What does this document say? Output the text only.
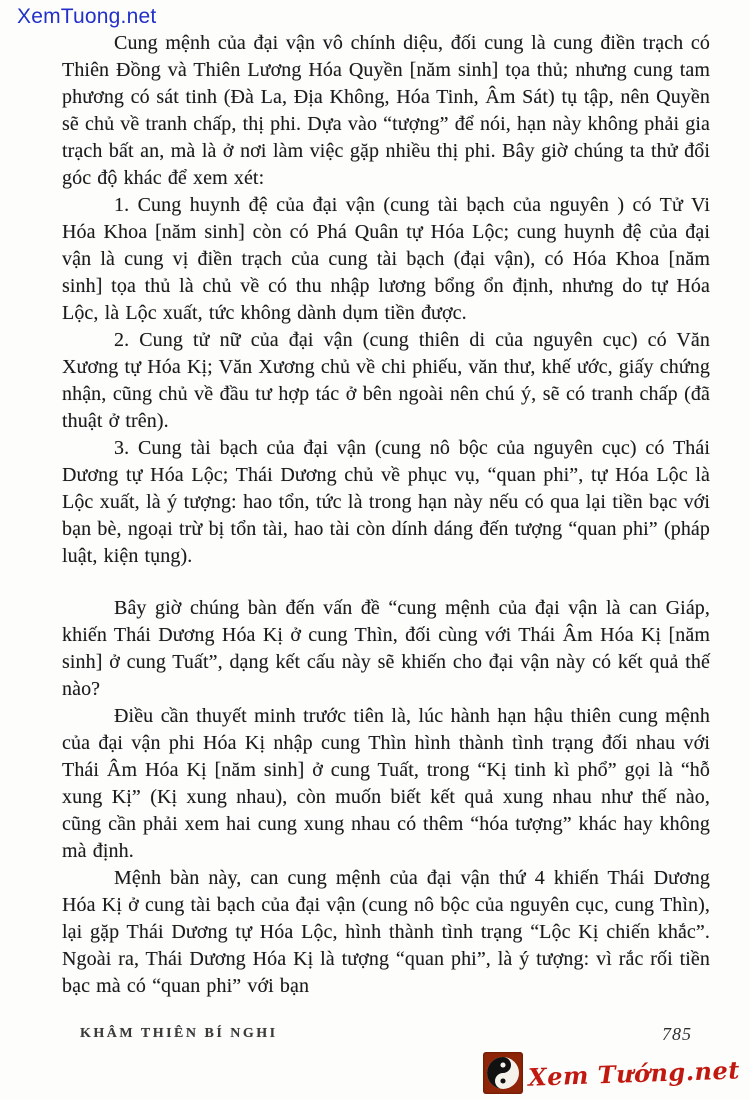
XemTuong.net

Cung mệnh của đại vận vô chính diệu, đối cung là cung điền trạch có Thiên Đồng và Thiên Lương Hóa Quyền [năm sinh] tọa thủ; nhưng cung tam phương có sát tinh (Đà La, Địa Không, Hóa Tinh, Âm Sát) tụ tập, nên Quyền sẽ chủ về tranh chấp, thị phi. Dựa vào “tượng” để nói, hạn này không phải gia trạch bất an, mà là ở nơi làm việc gặp nhiều thị phi. Bây giờ chúng ta thử đổi góc độ khác để xem xét:

1. Cung huynh đệ của đại vận (cung tài bạch của nguyên ) có Tử Vi Hóa Khoa [năm sinh] còn có Phá Quân tự Hóa Lộc; cung huynh đệ của đại vận là cung vị điền trạch của cung tài bạch (đại vận), có Hóa Khoa [năm sinh] tọa thủ là chủ về có thu nhập lương bổng ổn định, nhưng do tự Hóa Lộc, là Lộc xuất, tức không dành dụm tiền được.

2. Cung tử nữ của đại vận (cung thiên di của nguyên cục) có Văn Xương tự Hóa Kị; Văn Xương chủ về chi phiếu, văn thư, khế ước, giấy chứng nhận, cũng chủ về đầu tư hợp tác ở bên ngoài nên chú ý, sẽ có tranh chấp (đã thuật ở trên).

3. Cung tài bạch của đại vận (cung nô bộc của nguyên cục) có Thái Dương tự Hóa Lộc; Thái Dương chủ về phục vụ, “quan phi”, tự Hóa Lộc là Lộc xuất, là ý tượng: hao tổn, tức là trong hạn này nếu có qua lại tiền bạc với bạn bè, ngoại trừ bị tổn tài, hao tài còn dính dáng đến tượng “quan phi” (pháp luật, kiện tụng).

Bây giờ chúng bàn đến vấn đề “cung mệnh của đại vận là can Giáp, khiến Thái Dương Hóa Kị ở cung Thìn, đối cùng với Thái Âm Hóa Kị [năm sinh] ở cung Tuất”, dạng kết cấu này sẽ khiến cho đại vận này có kết quả thế nào?

Điều cần thuyết minh trước tiên là, lúc hành hạn hậu thiên cung mệnh của đại vận phi Hóa Kị nhập cung Thìn hình thành tình trạng đối nhau với Thái Âm Hóa Kị [năm sinh] ở cung Tuất, trong “Kị tinh kì phổ” gọi là “hỗ xung Kị” (Kị xung nhau), còn muốn biết kết quả xung nhau như thế nào, cũng cần phải xem hai cung xung nhau có thêm “hóa tượng” khác hay không mà định.

Mệnh bàn này, can cung mệnh của đại vận thứ 4 khiến Thái Dương Hóa Kị ở cung tài bạch của đại vận (cung nô bộc của nguyên cục, cung Thìn), lại gặp Thái Dương tự Hóa Lộc, hình thành tình trạng “Lộc Kị chiến khắc”. Ngoài ra, Thái Dương Hóa Kị là tượng “quan phi”, là ý tượng: vì rắc rối tiền bạc mà có “quan phi” với bạn

KHÂM THIÊN BÍ NGHI	785
Xem Tướng.net
